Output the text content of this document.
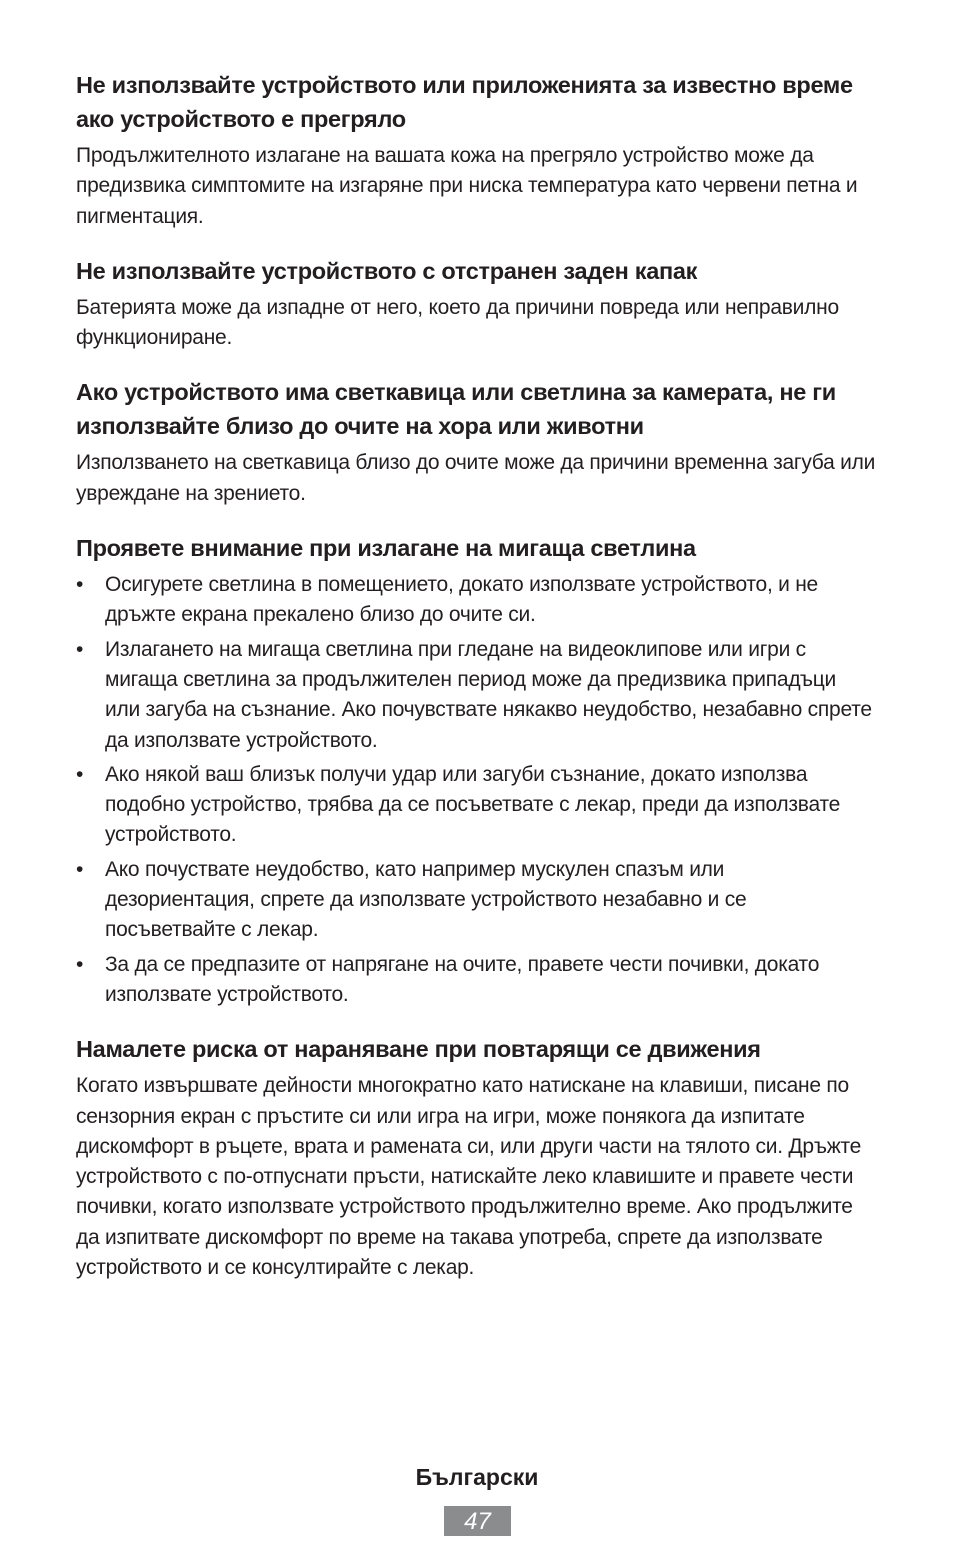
Не използвайте устройството или приложенията за известно време ако устройството е прегряло

Продължителното излагане на вашата кожа на прегряло устройство може да предизвика симптомите на изгаряне при ниска температура като червени петна и пигментация.

Не използвайте устройството с отстранен заден капак

Батерията може да изпадне от него, което да причини повреда или неправилно функциониране.

Ако устройството има светкавица или светлина за камерата, не ги използвайте близо до очите на хора или животни

Използването на светкавица близо до очите може да причини временна загуба или увреждане на зрението.

Проявете внимание при излагане на мигаща светлина
• Осигурете светлина в помещението, докато използвате устройството, и не дръжте екрана прекалено близо до очите си.
• Излагането на мигаща светлина при гледане на видеоклипове или игри с мигаща светлина за продължителен период може да предизвика припадъци или загуба на съзнание. Ако почувствате някакво неудобство, незабавно спрете да използвате устройството.
• Ако някой ваш близък получи удар или загуби съзнание, докато използва подобно устройство, трябва да се посъветвате с лекар, преди да използвате устройството.
• Ако почуствате неудобство, като например мускулен спазъм или дезориентация, спрете да използвате устройството незабавно и се посъветвайте с лекар.
• За да се предпазите от напрягане на очите, правете чести почивки, докато използвате устройството.
Намалете риска от нараняване при повтарящи се движения

Когато извършвате дейности многократно като натискане на клавиши, писане по сензорния екран с пръстите си или игра на игри, може понякога да изпитате дискомфорт в ръцете, врата и рамената си, или други части на тялото си. Дръжте устройството с по-отпуснати пръсти, натискайте леко клавишите и правете чести почивки, когато използвате устройството продължително време. Ако продължите да изпитвате дискомфорт по време на такава употреба, спрете да използвате устройството и се консултирайте с лекар.

Български
47
